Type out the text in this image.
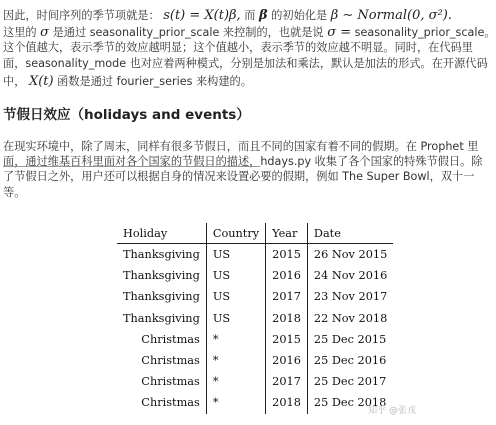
因此，时间序列的季节项就是： s(t) = X(t)β, 而 β 的初始化是 β ∼ Normal(0, σ²).

这里的 σ 是通过 seasonality_prior_scale 来控制的，也就是说 σ = seasonality_prior_scale。

这个值越大，表示季节的效应越明显；这个值越小，表示季节的效应越不明显。同时，在代码里

面，seasonality_mode 也对应着两种模式，分别是加法和乘法，默认是加法的形式。在开源代码

中， X(t) 函数是通过 fourier_series 来构建的。

节假日效应（holidays and events）

在现实环境中，除了周末，同样有很多节假日，而且不同的国家有着不同的假期。在 Prophet 里

面，通过维基百科里面对各个国家的节假日的描述，hdays.py 收集了各个国家的特殊节假日。除

了节假日之外，用户还可以根据自身的情况来设置必要的假期，例如 The Super Bowl，双十一

等。

Holiday	Country	Year	Date
Thanksgiving	US	2015	26 Nov 2015
Thanksgiving	US	2016	24 Nov 2016
Thanksgiving	US	2017	23 Nov 2017
Thanksgiving	US	2018	22 Nov 2018
Christmas	*	2015	25 Dec 2015
Christmas	*	2016	25 Dec 2016
Christmas	*	2017	25 Dec 2017
Christmas	*	2018	25 Dec 2018
知乎 @张戎
